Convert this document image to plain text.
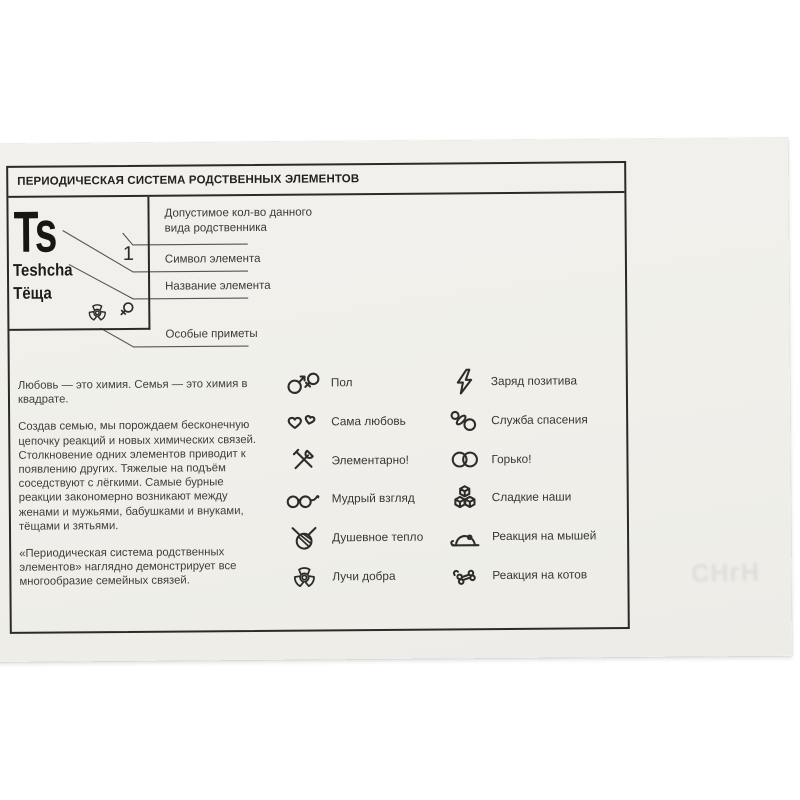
СНгН
ПЕРИОДИЧЕСКАЯ СИСТЕМА РОДСТВЕННЫХ ЭЛЕМЕНТОВ
Ts	1
Teshcha
Тёща
Допустимое кол-во данного вида родственника
Символ элемента
Название элемента
Особые приметы

Любовь — это химия. Семья — это химия в квадрате.

Создав семью, мы порождаем бесконечную цепочку реакций и новых химических связей. Столкновение одних элементов приводит к появлению других. Тяжелые на подъём соседствуют с лёгкими. Самые бурные реакции закономерно возникают между женами и мужьями, бабушками и внуками, тёщами и зятьями.

«Периодическая система родственных элементов» наглядно демонстрирует все многообразие семейных связей.

Пол
Сама любовь
Элементарно!
Мудрый взгляд
Душевное тепло
Лучи добра
Заряд позитива
Служба спасения
Горько!
Сладкие наши
Реакция на мышей
Реакция на котов
